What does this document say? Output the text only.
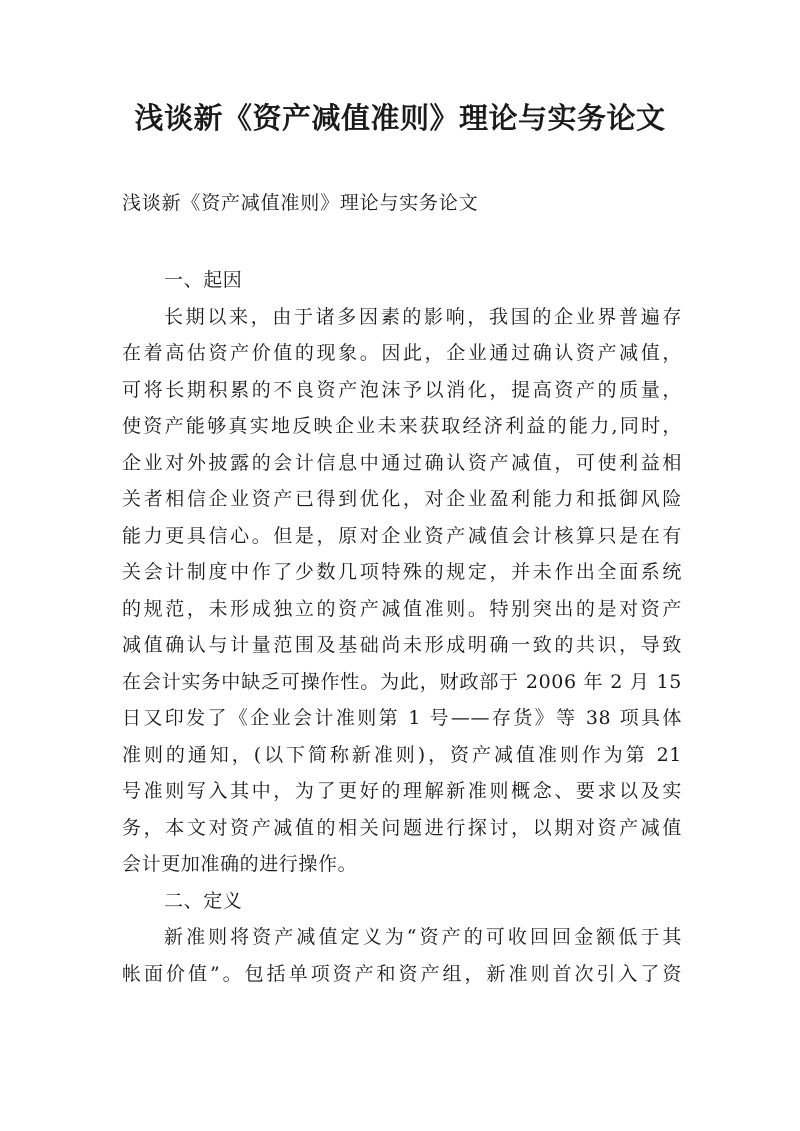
浅谈新《资产减值准则》理论与实务论文

浅谈新《资产减值准则》理论与实务论文

一、起因
长期以来，由于诸多因素的影响，我国的企业界普遍存
在着高估资产价值的现象。因此，企业通过确认资产减值，
可将长期积累的不良资产泡沫予以消化，提高资产的质量，
使资产能够真实地反映企业未来获取经济利益的能力,同时，
企业对外披露的会计信息中通过确认资产减值，可使利益相
关者相信企业资产已得到优化，对企业盈利能力和抵御风险
能力更具信心。但是，原对企业资产减值会计核算只是在有
关会计制度中作了少数几项特殊的规定，并未作出全面系统
的规范，未形成独立的资产减值准则。特别突出的是对资产
减值确认与计量范围及基础尚未形成明确一致的共识，导致
在会计实务中缺乏可操作性。为此，财政部于 2006 年 2 月 15
日又印发了《企业会计准则第 1 号——存货》等 38 项具体
准则的通知，(以下简称新准则)，资产减值准则作为第 21
号准则写入其中，为了更好的理解新准则概念、要求以及实
务，本文对资产减值的相关问题进行探讨，以期对资产减值
会计更加准确的进行操作。
二、定义
新准则将资产减值定义为“资产的可收回回金额低于其
帐面价值”。包括单项资产和资产组，新准则首次引入了资
